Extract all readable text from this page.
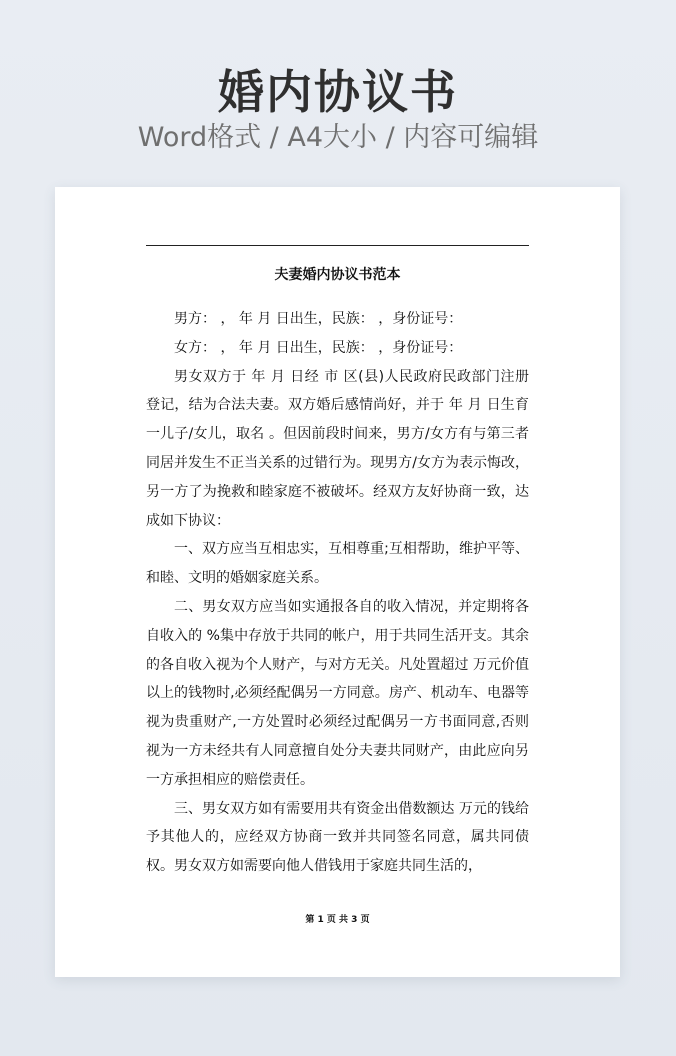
婚内协议书
Word格式 / A4大小 / 内容可编辑
夫妻婚内协议书范本

男方： ， 年 月 日出生，民族： ，身份证号：

女方： ， 年 月 日出生，民族： ，身份证号：

男女双方于 年 月 日经 市 区(县)人民政府民政部门注册登记，结为合法夫妻。双方婚后感情尚好，并于 年 月 日生育一儿子/女儿，取名 。但因前段时间来，男方/女方有与第三者同居并发生不正当关系的过错行为。现男方/女方为表示悔改，另一方了为挽救和睦家庭不被破坏。经双方友好协商一致，达成如下协议：

一、双方应当互相忠实，互相尊重;互相帮助，维护平等、和睦、文明的婚姻家庭关系。

二、男女双方应当如实通报各自的收入情况，并定期将各自收入的 %集中存放于共同的帐户，用于共同生活开支。其余的各自收入视为个人财产，与对方无关。凡处置超过 万元价值以上的钱物时,必须经配偶另一方同意。房产、机动车、电器等视为贵重财产,一方处置时必须经过配偶另一方书面同意,否则视为一方未经共有人同意擅自处分夫妻共同财产，由此应向另一方承担相应的赔偿责任。

三、男女双方如有需要用共有资金出借数额达 万元的钱给予其他人的，应经双方协商一致并共同签名同意，属共同债权。男女双方如需要向他人借钱用于家庭共同生活的，

第 1 页 共 3 页
